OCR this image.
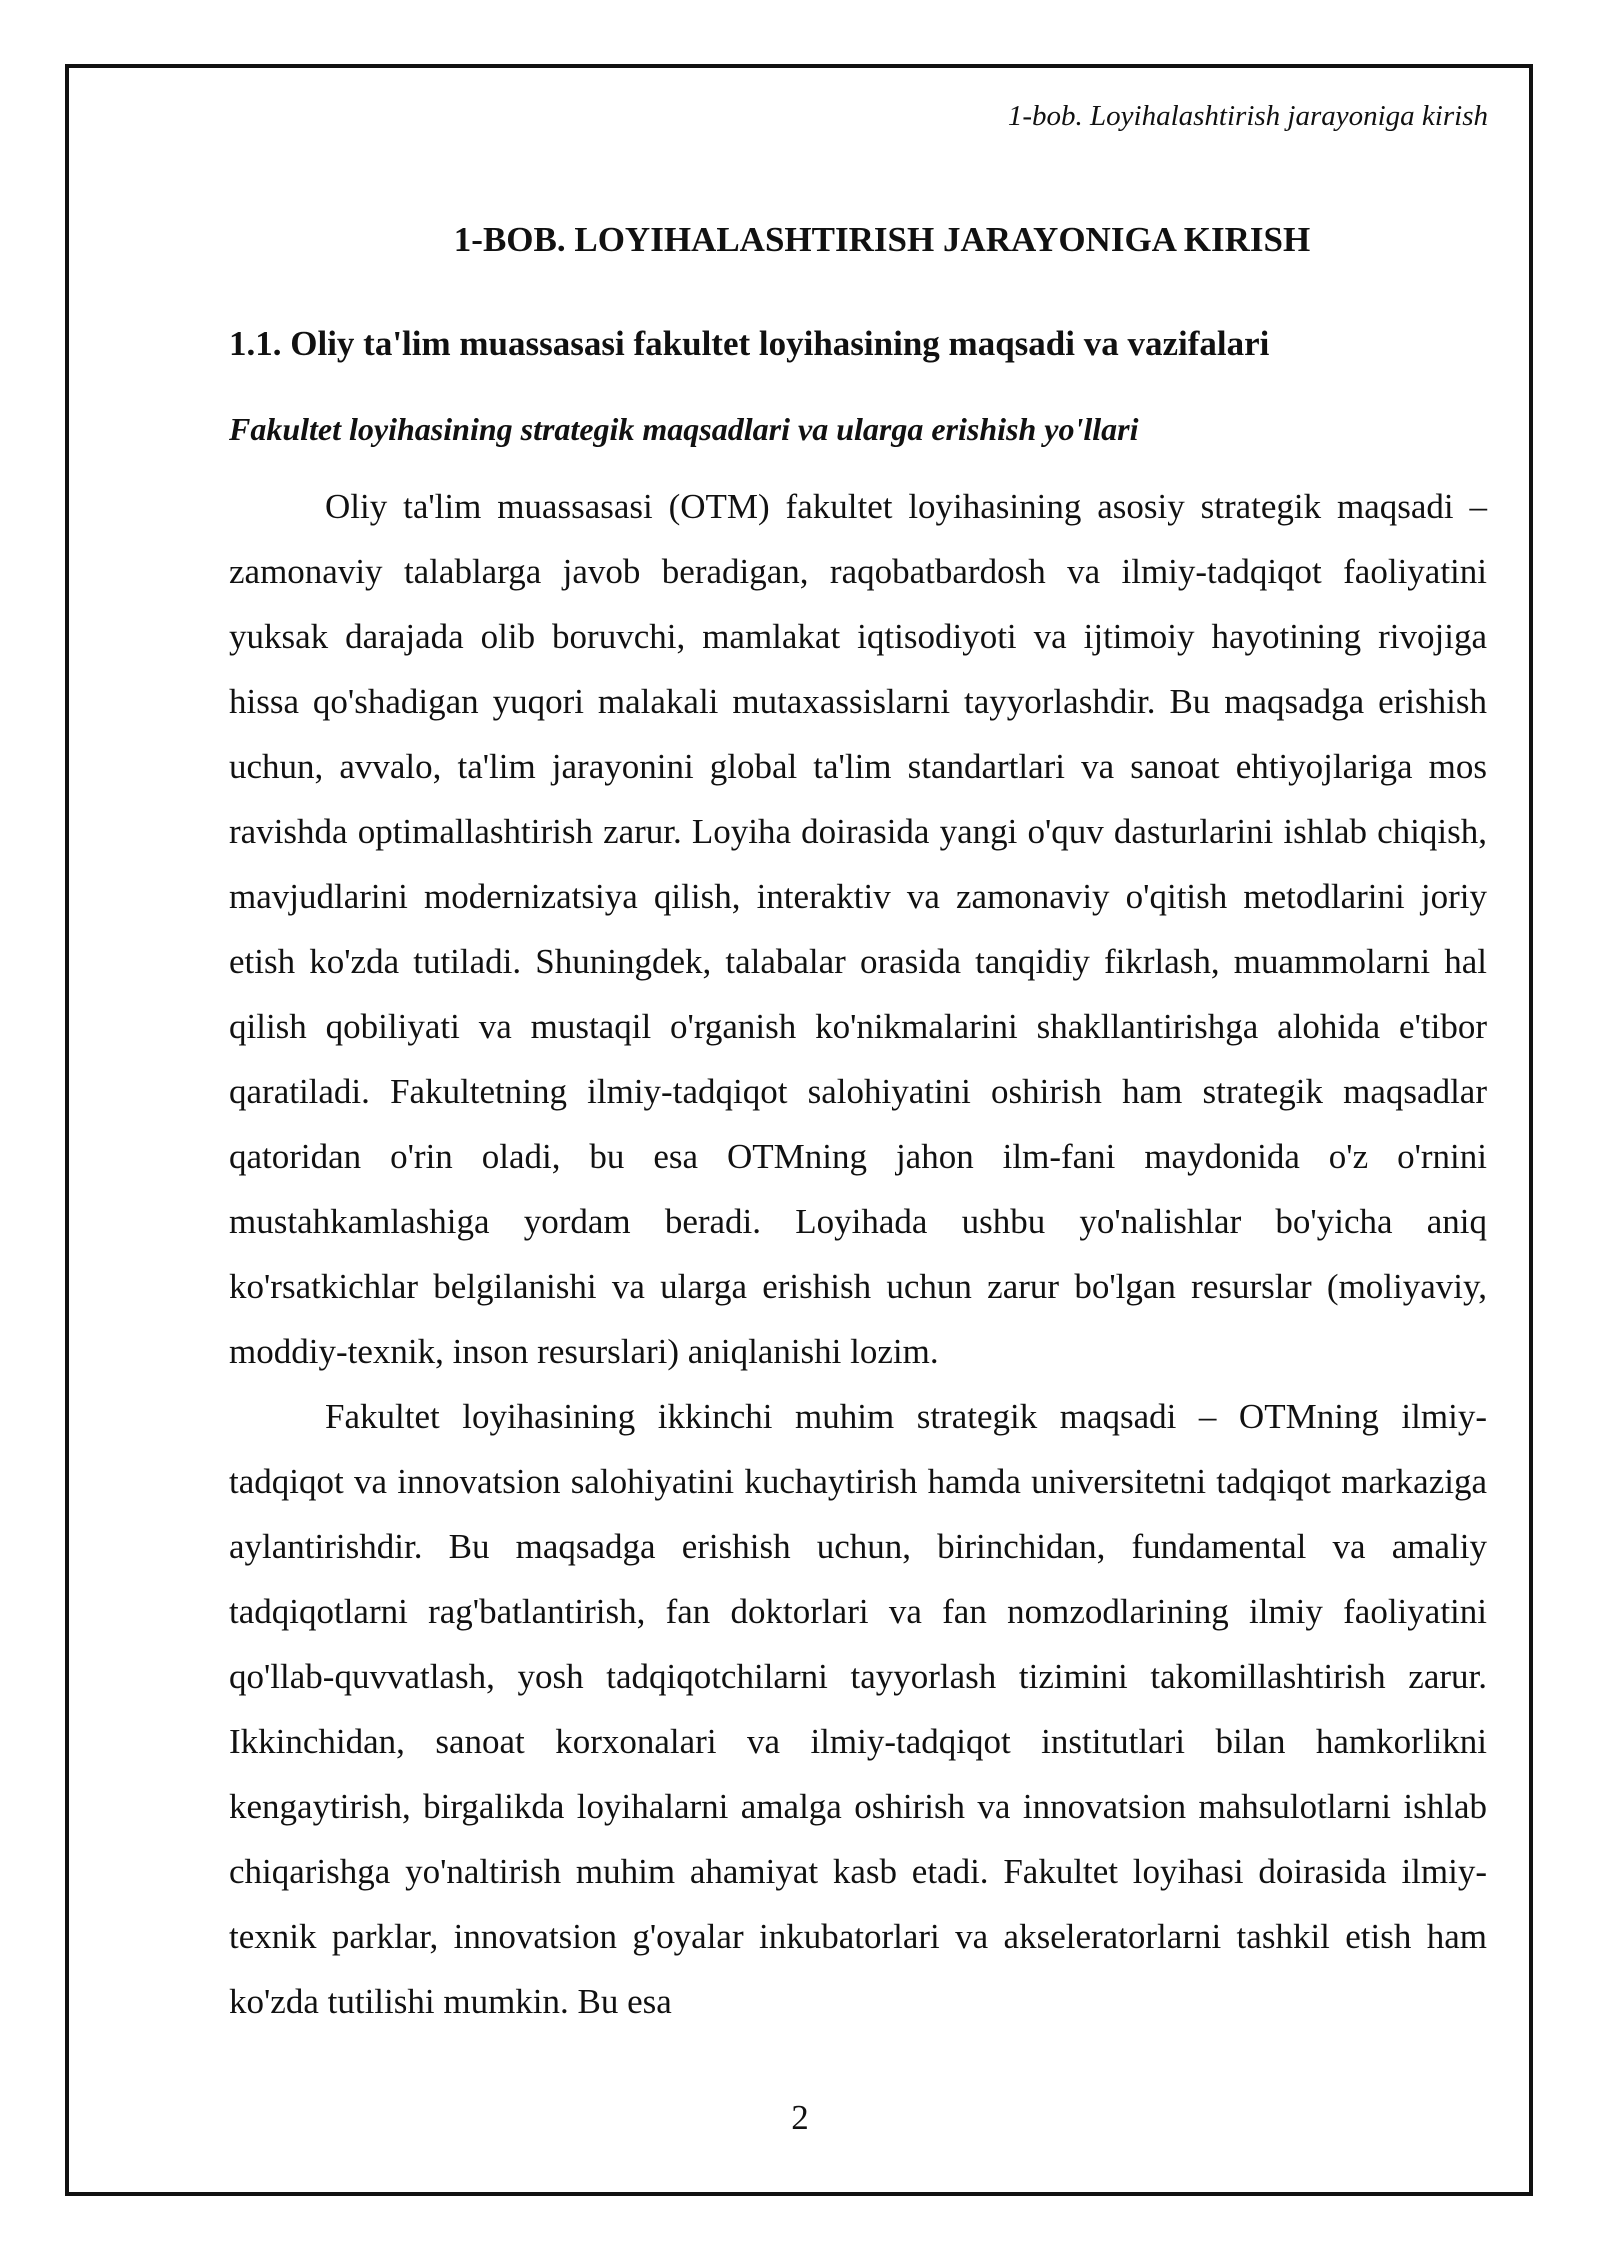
1-bob. Loyihalashtirish jarayoniga kirish
1-BOB. LOYIHALASHTIRISH JARAYONIGA KIRISH
1.1. Oliy ta'lim muassasasi fakultet loyihasining maqsadi va vazifalari
Fakultet loyihasining strategik maqsadlari va ularga erishish yo'llari

Oliy ta'lim muassasasi (OTM) fakultet loyihasining asosiy strategik maqsadi – zamonaviy talablarga javob beradigan, raqobatbardosh va ilmiy-tadqiqot faoliyatini yuksak darajada olib boruvchi, mamlakat iqtisodiyoti va ijtimoiy hayotining rivojiga hissa qo'shadigan yuqori malakali mutaxassislarni tayyorlashdir. Bu maqsadga erishish uchun, avvalo, ta'lim jarayonini global ta'lim standartlari va sanoat ehtiyojlariga mos ravishda optimallashtirish zarur. Loyiha doirasida yangi o'quv dasturlarini ishlab chiqish, mavjudlarini modernizatsiya qilish, interaktiv va zamonaviy o'qitish metodlarini joriy etish ko'zda tutiladi. Shuningdek, talabalar orasida tanqidiy fikrlash, muammolarni hal qilish qobiliyati va mustaqil o'rganish ko'nikmalarini shakllantirishga alohida e'tibor qaratiladi. Fakultetning ilmiy-tadqiqot salohiyatini oshirish ham strategik maqsadlar qatoridan o'rin oladi, bu esa OTMning jahon ilm-fani maydonida o'z o'rnini mustahkamlashiga yordam beradi. Loyihada ushbu yo'nalishlar bo'yicha aniq ko'rsatkichlar belgilanishi va ularga erishish uchun zarur bo'lgan resurslar (moliyaviy, moddiy-texnik, inson resurslari) aniqlanishi lozim.

Fakultet loyihasining ikkinchi muhim strategik maqsadi – OTMning ilmiy-tadqiqot va innovatsion salohiyatini kuchaytirish hamda universitetni tadqiqot markaziga aylantirishdir. Bu maqsadga erishish uchun, birinchidan, fundamental va amaliy tadqiqotlarni rag'batlantirish, fan doktorlari va fan nomzodlarining ilmiy faoliyatini qo'llab-quvvatlash, yosh tadqiqotchilarni tayyorlash tizimini takomillashtirish zarur. Ikkinchidan, sanoat korxonalari va ilmiy-tadqiqot institutlari bilan hamkorlikni kengaytirish, birgalikda loyihalarni amalga oshirish va innovatsion mahsulotlarni ishlab chiqarishga yo'naltirish muhim ahamiyat kasb etadi. Fakultet loyihasi doirasida ilmiy-texnik parklar, innovatsion g'oyalar inkubatorlari va akseleratorlarni tashkil etish ham ko'zda tutilishi mumkin. Bu esa

2
